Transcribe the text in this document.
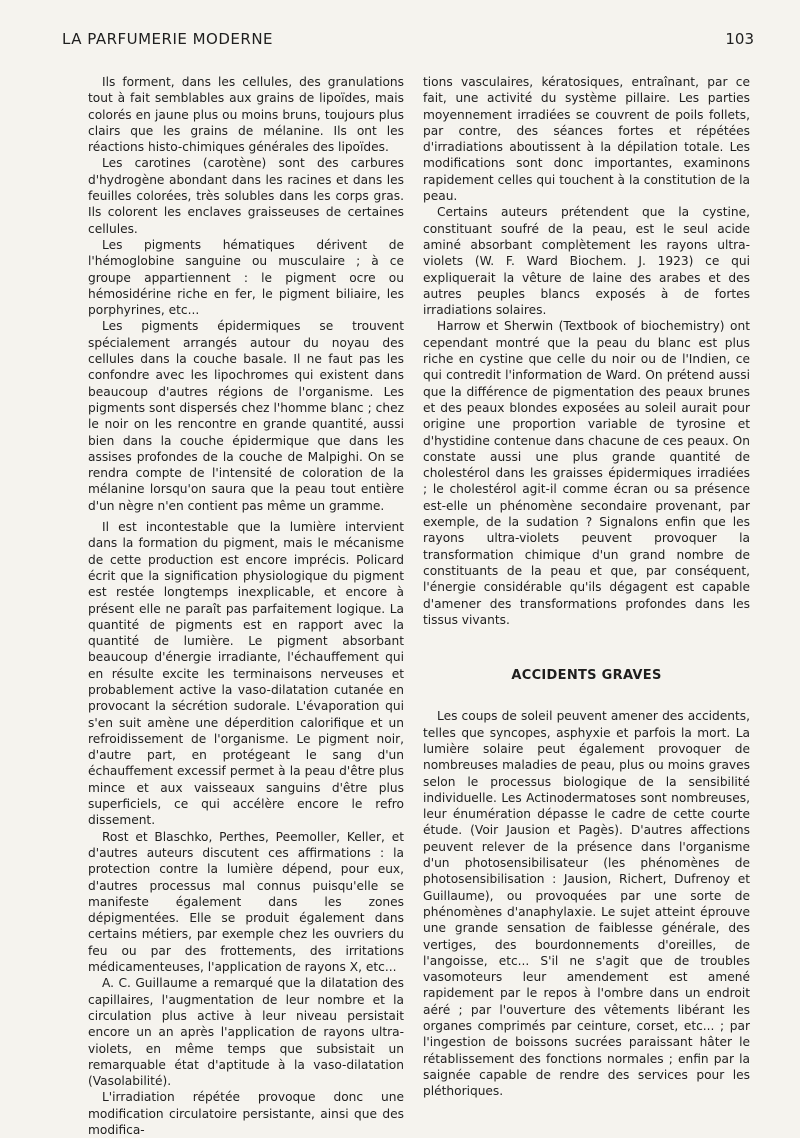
LA PARFUMERIE MODERNE	103

Ils forment, dans les cellules, des granulations tout à fait semblables aux grains de lipoïdes, mais colorés en jaune plus ou moins bruns, toujours plus clairs que les grains de mélanine. Ils ont les réactions histo-chimiques générales des lipoïdes.

Les carotines (carotène) sont des carbures d'hydrogène abondant dans les racines et dans les feuilles colorées, très solubles dans les corps gras. Ils colorent les enclaves graisseuses de certaines cellules.

Les pigments hématiques dérivent de l'hémoglobine sanguine ou musculaire ; à ce groupe appartiennent : le pigment ocre ou hémosidérine riche en fer, le pigment biliaire, les porphyrines, etc...

Les pigments épidermiques se trouvent spécialement arrangés autour du noyau des cellules dans la couche basale. Il ne faut pas les confondre avec les lipochromes qui existent dans beaucoup d'autres régions de l'organisme. Les pigments sont dispersés chez l'homme blanc ; chez le noir on les rencontre en grande quantité, aussi bien dans la couche épidermique que dans les assises profondes de la couche de Malpighi. On se rendra compte de l'intensité de coloration de la mélanine lorsqu'on saura que la peau tout entière d'un nègre n'en contient pas même un gramme.

Il est incontestable que la lumière intervient dans la formation du pigment, mais le mécanisme de cette production est encore imprécis. Policard écrit que la signification physiologique du pigment est restée longtemps inexplicable, et encore à présent elle ne paraît pas parfaitement logique. La quantité de pigments est en rapport avec la quantité de lumière. Le pigment absorbant beaucoup d'énergie irradiante, l'échauffement qui en résulte excite les terminaisons nerveuses et probablement active la vaso-dilatation cutanée en provocant la sécrétion sudorale. L'évaporation qui s'en suit amène une déperdition calorifique et un refroidissement de l'organisme. Le pigment noir, d'autre part, en protégeant le sang d'un échauffement excessif permet à la peau d'être plus mince et aux vaisseaux sanguins d'être plus superficiels, ce qui accélère encore le refro dissement.

Rost et Blaschko, Perthes, Peemoller, Keller, et d'autres auteurs discutent ces affirmations : la protection contre la lumière dépend, pour eux, d'autres processus mal connus puisqu'elle se manifeste également dans les zones dépigmentées. Elle se produit également dans certains métiers, par exemple chez les ouvriers du feu ou par des frottements, des irritations médicamenteuses, l'application de rayons X, etc...

A. C. Guillaume a remarqué que la dilatation des capillaires, l'augmentation de leur nombre et la circulation plus active à leur niveau persistait encore un an après l'application de rayons ultra-violets, en même temps que subsistait un remarquable état d'aptitude à la vaso-dilatation (Vasolabilité).

L'irradiation répétée provoque donc une modification circulatoire persistante, ainsi que des modifica-

tions vasculaires, kératosiques, entraînant, par ce fait, une activité du système pillaire. Les parties moyennement irradiées se couvrent de poils follets, par contre, des séances fortes et répétées d'irradiations aboutissent à la dépilation totale. Les modifications sont donc importantes, examinons rapidement celles qui touchent à la constitution de la peau.

Certains auteurs prétendent que la cystine, constituant soufré de la peau, est le seul acide aminé absorbant complètement les rayons ultra-violets (W. F. Ward Biochem. J. 1923) ce qui expliquerait la vêture de laine des arabes et des autres peuples blancs exposés à de fortes irradiations solaires.

Harrow et Sherwin (Textbook of biochemistry) ont cependant montré que la peau du blanc est plus riche en cystine que celle du noir ou de l'Indien, ce qui contredit l'information de Ward. On prétend aussi que la différence de pigmentation des peaux brunes et des peaux blondes exposées au soleil aurait pour origine une proportion variable de tyrosine et d'hystidine contenue dans chacune de ces peaux. On constate aussi une plus grande quantité de cholestérol dans les graisses épidermiques irradiées ; le cholestérol agit-il comme écran ou sa présence est-elle un phénomène secondaire provenant, par exemple, de la sudation ? Signalons enfin que les rayons ultra-violets peuvent provoquer la transformation chimique d'un grand nombre de constituants de la peau et que, par conséquent, l'énergie considérable qu'ils dégagent est capable d'amener des transformations profondes dans les tissus vivants.

ACCIDENTS GRAVES

Les coups de soleil peuvent amener des accidents, telles que syncopes, asphyxie et parfois la mort. La lumière solaire peut également provoquer de nombreuses maladies de peau, plus ou moins graves selon le processus biologique de la sensibilité individuelle. Les Actinodermatoses sont nombreuses, leur énumération dépasse le cadre de cette courte étude. (Voir Jausion et Pagès). D'autres affections peuvent relever de la présence dans l'organisme d'un photosensibilisateur (les phénomènes de photosensibilisation : Jausion, Richert, Dufrenoy et Guillaume), ou provoquées par une sorte de phénomènes d'anaphylaxie. Le sujet atteint éprouve une grande sensation de faiblesse générale, des vertiges, des bourdonnements d'oreilles, de l'angoisse, etc... S'il ne s'agit que de troubles vasomoteurs leur amendement est amené rapidement par le repos à l'ombre dans un endroit aéré ; par l'ouverture des vêtements libérant les organes comprimés par ceinture, corset, etc... ; par l'ingestion de boissons sucrées paraissant hâter le rétablissement des fonctions normales ; enfin par la saignée capable de rendre des services pour les pléthoriques.
